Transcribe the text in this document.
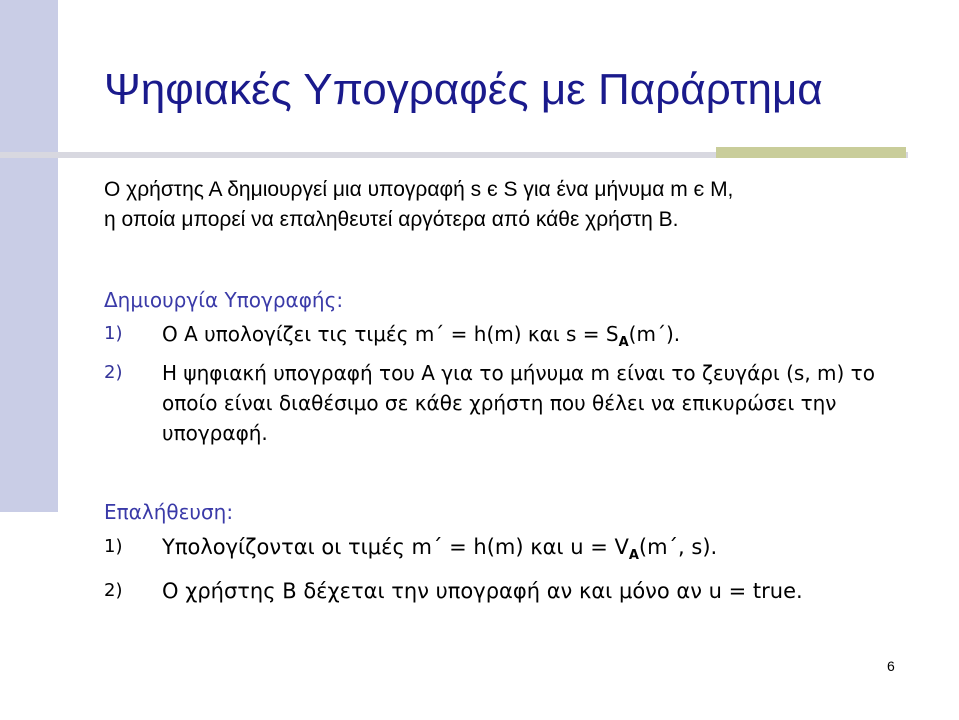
Ψηφιακές Υπογραφές με Παράρτημα

Ο χρήστης Α δημιουργεί μια υπογραφή s є S για ένα μήνυμα m є M,

η οποία μπορεί να επαληθευτεί αργότερα από κάθε χρήστη Β.

Δημιουργία Υπογραφής:
1) Ο Α υπολογίζει τις τιμές m΄ = h(m) και $s = S_A(m΄)$.
2) Η ψηφιακή υπογραφή του Α για το μήνυμα m είναι το ζευγάρι (s, m) το οποίο είναι διαθέσιμο σε κάθε χρήστη που θέλει να επικυρώσει την υπογραφή.
Επαλήθευση:
1) Υπολογίζονται οι τιμές m΄ = h(m) και $u = V_A(m΄$, s).
2) Ο χρήστης Β δέχεται την υπογραφή αν και μόνο αν u = true.
6
